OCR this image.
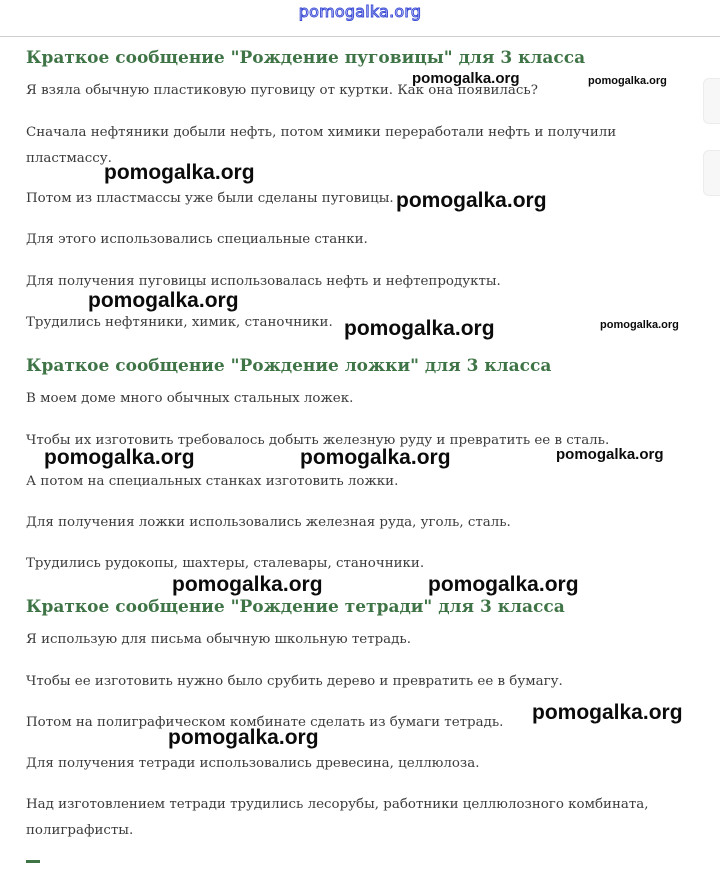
pomogalka.org
Краткое сообщение "Рождение пуговицы" для 3 класса

Я взяла обычную пластиковую пуговицу от куртки. Как она появилась?

Сначала нефтяники добыли нефть, потом химики переработали нефть и получили пластмассу.

Потом из пластмассы уже были сделаны пуговицы.

Для этого использовались специальные станки.

Для получения пуговицы использовалась нефть и нефтепродукты.

Трудились нефтяники, химик, станочники.

Краткое сообщение "Рождение ложки" для 3 класса

В моем доме много обычных стальных ложек.

Чтобы их изготовить требовалось добыть железную руду и превратить ее в сталь.

А потом на специальных станках изготовить ложки.

Для получения ложки использовались железная руда, уголь, сталь.

Трудились рудокопы, шахтеры, сталевары, станочники.

Краткое сообщение "Рождение тетради" для 3 класса

Я использую для письма обычную школьную тетрадь.

Чтобы ее изготовить нужно было срубить дерево и превратить ее в бумагу.

Потом на полиграфическом комбинате сделать из бумаги тетрадь.

Для получения тетради использовались древесина, целлюлоза.

Над изготовлением тетради трудились лесорубы, работники целлюлозного комбината, полиграфисты.

pomogalka.org	pomogalka.org
pomogalka.org
pomogalka.org
pomogalka.org
pomogalka.org	pomogalka.org
pomogalka.org	pomogalka.org	pomogalka.org
pomogalka.org	pomogalka.org
pomogalka.org
pomogalka.org
